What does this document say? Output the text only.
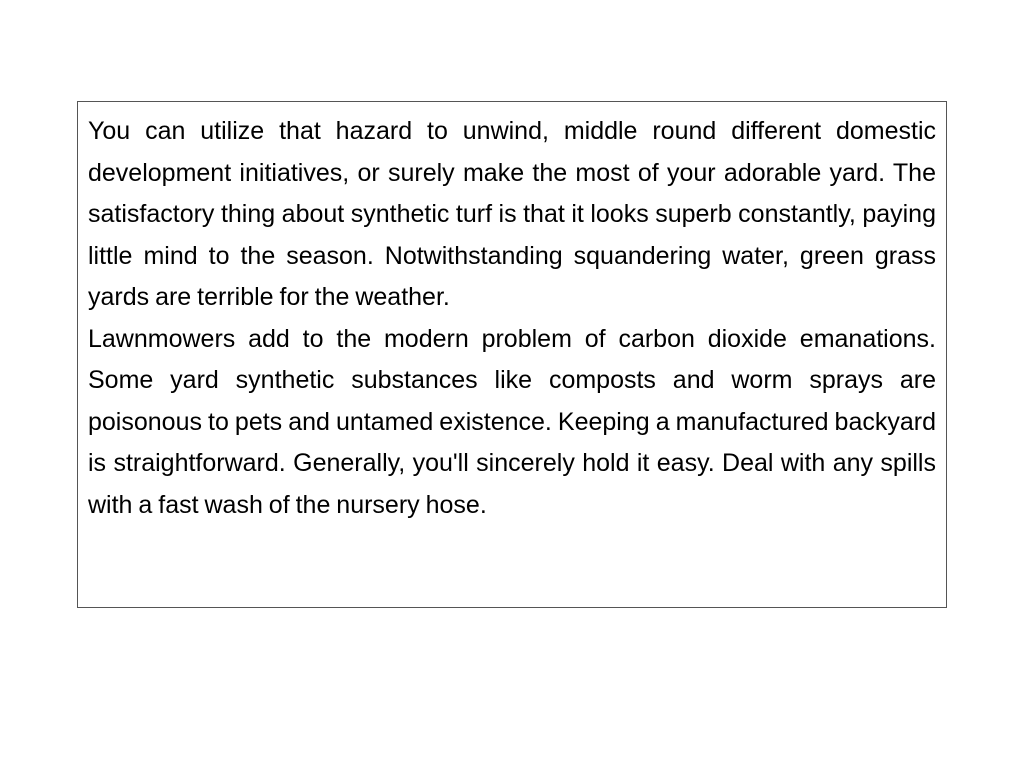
You can utilize that hazard to unwind, middle round different domestic development initiatives, or surely make the most of your adorable yard. The satisfactory thing about synthetic turf is that it looks superb constantly, paying little mind to the season. Notwithstanding squandering water, green grass yards are terrible for the weather.

Lawnmowers add to the modern problem of carbon dioxide emanations. Some yard synthetic substances like composts and worm sprays are poisonous to pets and untamed existence. Keeping a manufactured backyard is straightforward. Generally, you'll sincerely hold it easy. Deal with any spills with a fast wash of the nursery hose.
